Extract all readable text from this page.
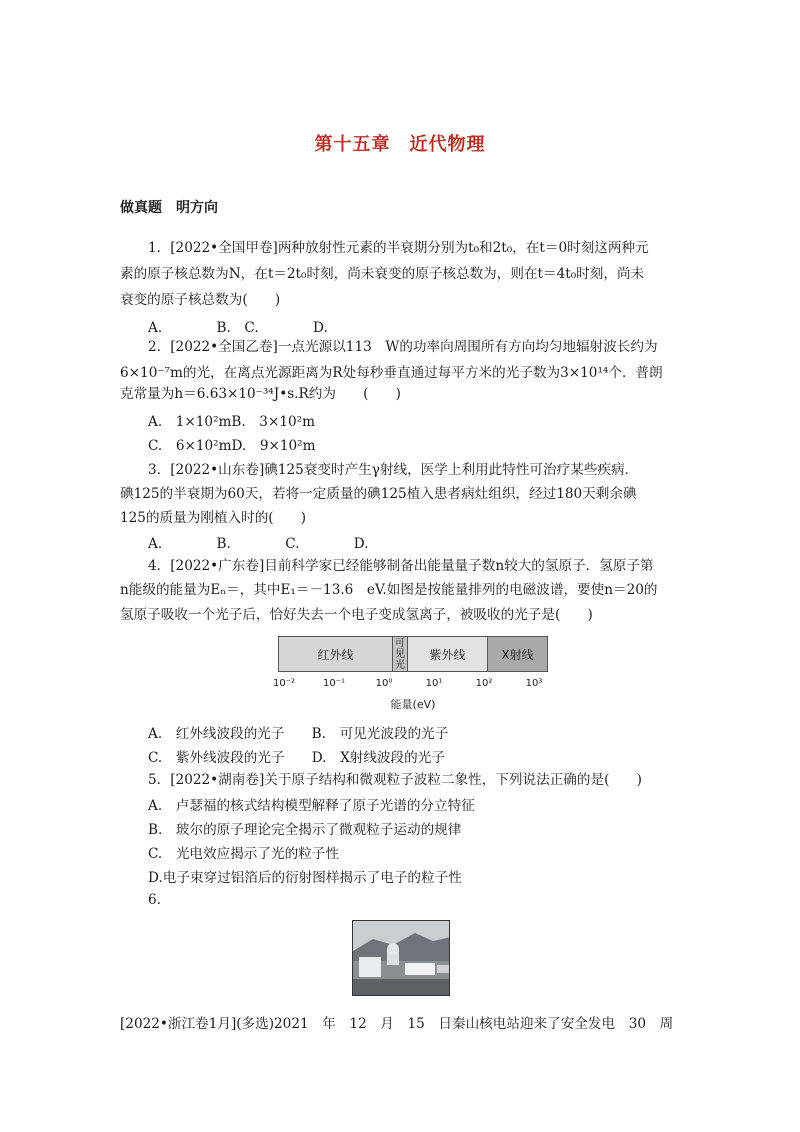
第十五章　近代物理
做真题　明方向
1．[2022•全国甲卷]两种放射性元素的半衰期分别为t₀和2t₀，在t＝0时刻这两种元
素的原子核总数为N，在t＝2t₀时刻，尚未衰变的原子核总数为，则在t＝4t₀时刻，尚未
衰变的原子核总数为(　　)
A.　　　　B.　C.　　　　D.
2．[2022•全国乙卷]一点光源以113　W的功率向周围所有方向均匀地辐射波长约为
6×10⁻⁷m的光，在离点光源距离为R处每秒垂直通过每平方米的光子数为3×10¹⁴个．普朗
克常量为h＝6.63×10⁻³⁴J•s.R约为　　(　　)
A.　1×10²mB.　3×10²m
C.　6×10²mD.　9×10²m
3．[2022•山东卷]碘125衰变时产生γ射线，医学上利用此特性可治疗某些疾病．
碘125的半衰期为60天，若将一定质量的碘125植入患者病灶组织，经过180天剩余碘
125的质量为刚植入时的(　　)
A.　　　　B.　　　　C.　　　　D.
4．[2022•广东卷]目前科学家已经能够制备出能量量子数n较大的氢原子．氢原子第
n能级的能量为Eₙ＝，其中E₁＝－13.6　eV.如图是按能量排列的电磁波谱，要使n＝20的
氢原子吸收一个光子后，恰好失去一个电子变成氢离子，被吸收的光子是(　　)
红外线
可见光
紫外线	X射线
10⁻²	10⁻¹	10⁰	10¹	10²	10³
能量(eV)
A.　红外线波段的光子　　B.　可见光波段的光子
C.　紫外线波段的光子　　D.　X射线波段的光子
5．[2022•湖南卷]关于原子结构和微观粒子波粒二象性，下列说法正确的是(　　)
A.　卢瑟福的核式结构模型解释了原子光谱的分立特征
B.　玻尔的原子理论完全揭示了微观粒子运动的规律
C.　光电效应揭示了光的粒子性
D.电子束穿过铝箔后的衍射图样揭示了电子的粒子性
6.
[2022•浙江卷1月](多选)2021　年　12　月　15　日秦山核电站迎来了安全发电　30　周
